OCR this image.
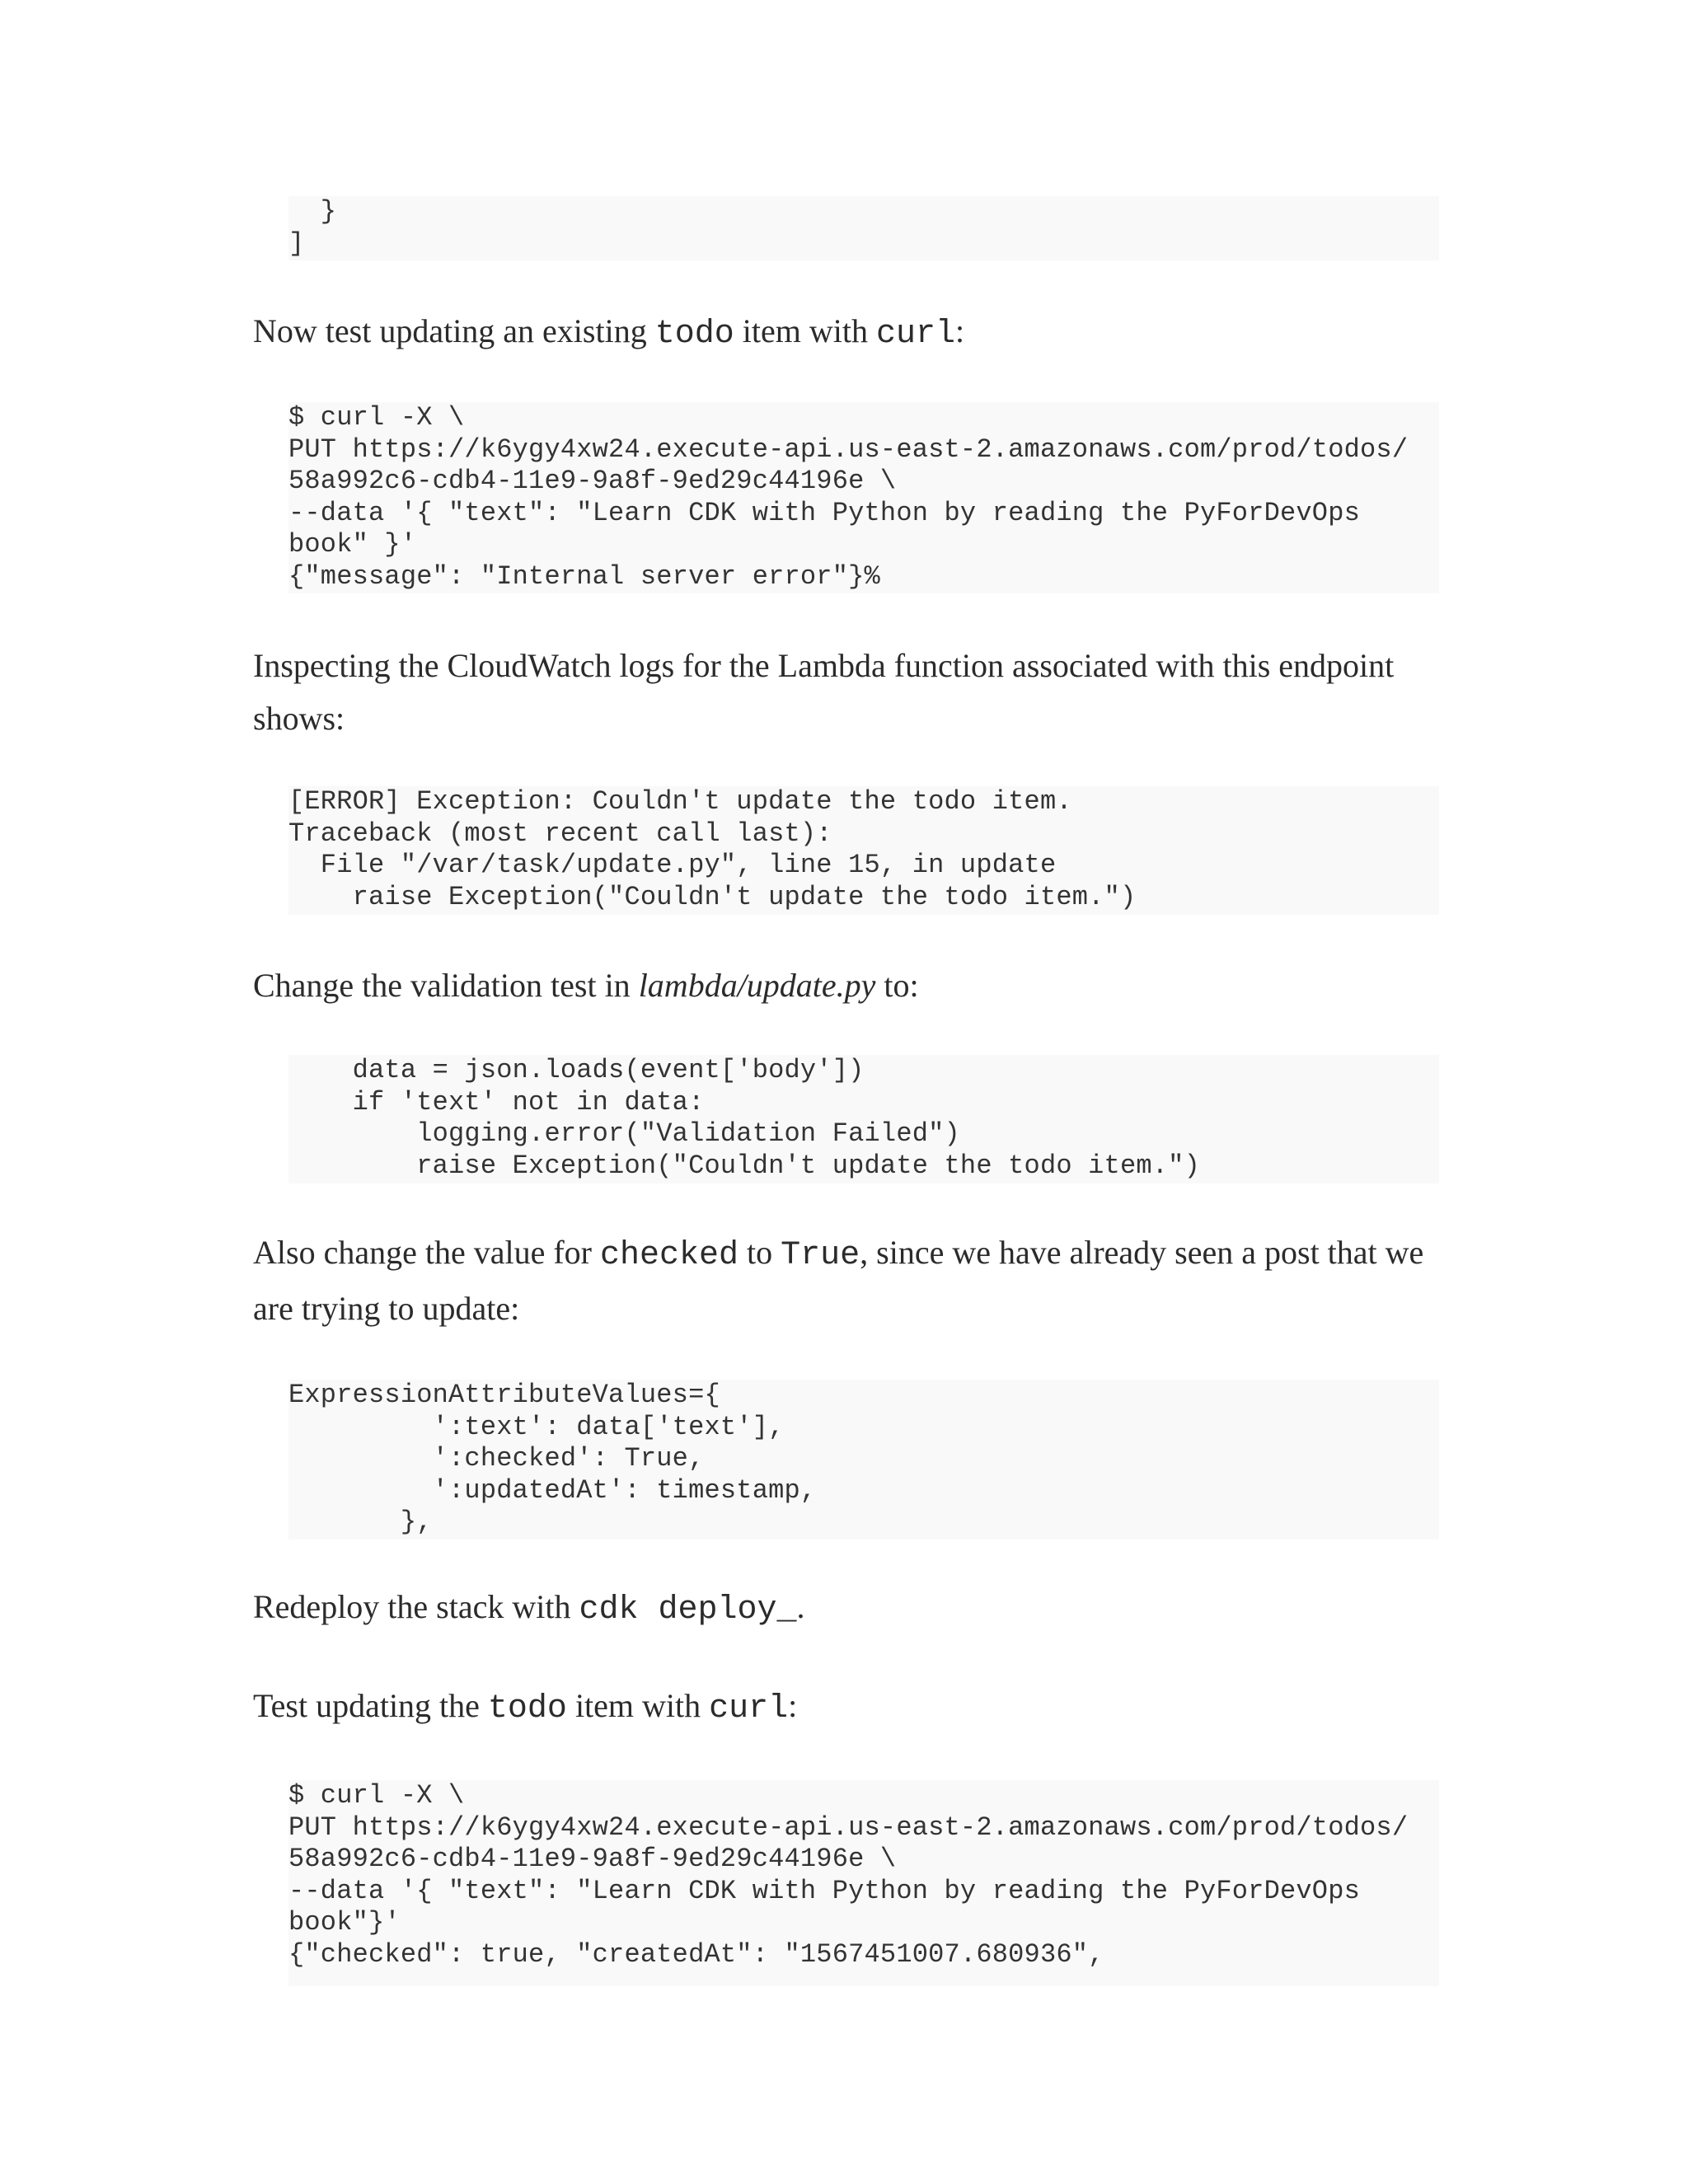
}
]

Now test updating an existing todo item with curl:

$ curl -X \
PUT https://k6ygy4xw24.execute-api.us-east-2.amazonaws.com/prod/todos/
58a992c6-cdb4-11e9-9a8f-9ed29c44196e \
--data '{ "text": "Learn CDK with Python by reading the PyForDevOps
book" }'
{"message": "Internal server error"}%

Inspecting the CloudWatch logs for the Lambda function associated with this endpoint shows:

[ERROR] Exception: Couldn't update the todo item.
Traceback (most recent call last):
File "/var/task/update.py", line 15, in update
raise Exception("Couldn't update the todo item.")

Change the validation test in lambda/update.py to:

data = json.loads(event['body'])
if 'text' not in data:
logging.error("Validation Failed")
raise Exception("Couldn't update the todo item.")

Also change the value for checked to True, since we have already seen a post that we are trying to update:

ExpressionAttributeValues={
':text': data['text'],
':checked': True,
':updatedAt': timestamp,
},

Redeploy the stack with cdk deploy_.

Test updating the todo item with curl:

$ curl -X \
PUT https://k6ygy4xw24.execute-api.us-east-2.amazonaws.com/prod/todos/
58a992c6-cdb4-11e9-9a8f-9ed29c44196e \
--data '{ "text": "Learn CDK with Python by reading the PyForDevOps
book"}'
{"checked": true, "createdAt": "1567451007.680936",
